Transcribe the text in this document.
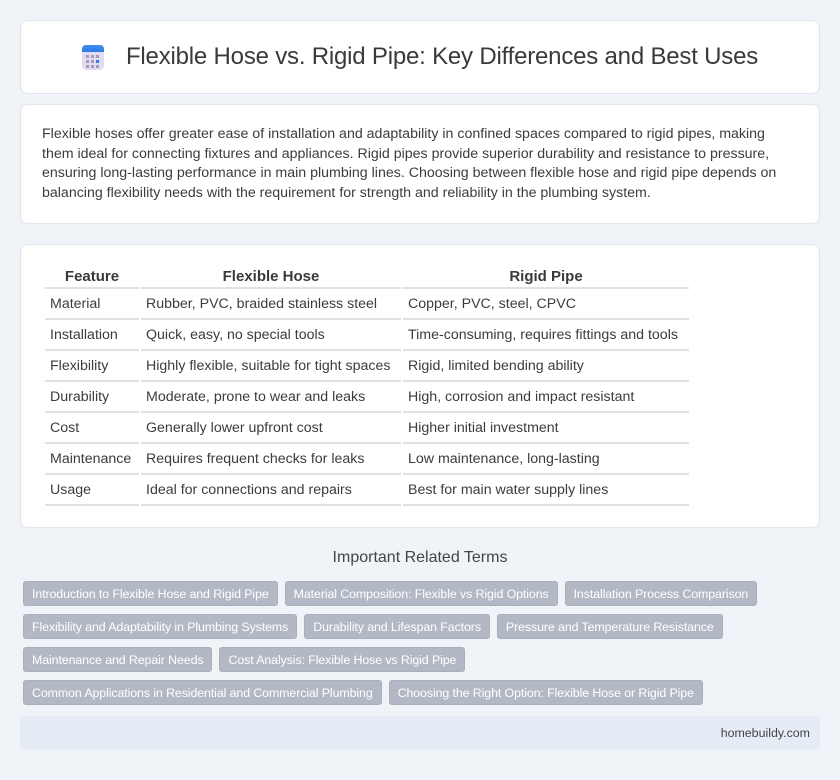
Flexible Hose vs. Rigid Pipe: Key Differences and Best Uses

Flexible hoses offer greater ease of installation and adaptability in confined spaces compared to rigid pipes, making them ideal for connecting fixtures and appliances. Rigid pipes provide superior durability and resistance to pressure, ensuring long-lasting performance in main plumbing lines. Choosing between flexible hose and rigid pipe depends on balancing flexibility needs with the requirement for strength and reliability in the plumbing system.

Feature	Flexible Hose	Rigid Pipe
Material	Rubber, PVC, braided stainless steel	Copper, PVC, steel, CPVC
Installation	Quick, easy, no special tools	Time-consuming, requires fittings and tools
Flexibility	Highly flexible, suitable for tight spaces	Rigid, limited bending ability
Durability	Moderate, prone to wear and leaks	High, corrosion and impact resistant
Cost	Generally lower upfront cost	Higher initial investment
Maintenance	Requires frequent checks for leaks	Low maintenance, long-lasting
Usage	Ideal for connections and repairs	Best for main water supply lines
Important Related Terms
Introduction to Flexible Hose and Rigid Pipe	Material Composition: Flexible vs Rigid Options	Installation Process Comparison
Flexibility and Adaptability in Plumbing Systems	Durability and Lifespan Factors	Pressure and Temperature Resistance
Maintenance and Repair Needs	Cost Analysis: Flexible Hose vs Rigid Pipe
Common Applications in Residential and Commercial Plumbing	Choosing the Right Option: Flexible Hose or Rigid Pipe
homebuildy.com
